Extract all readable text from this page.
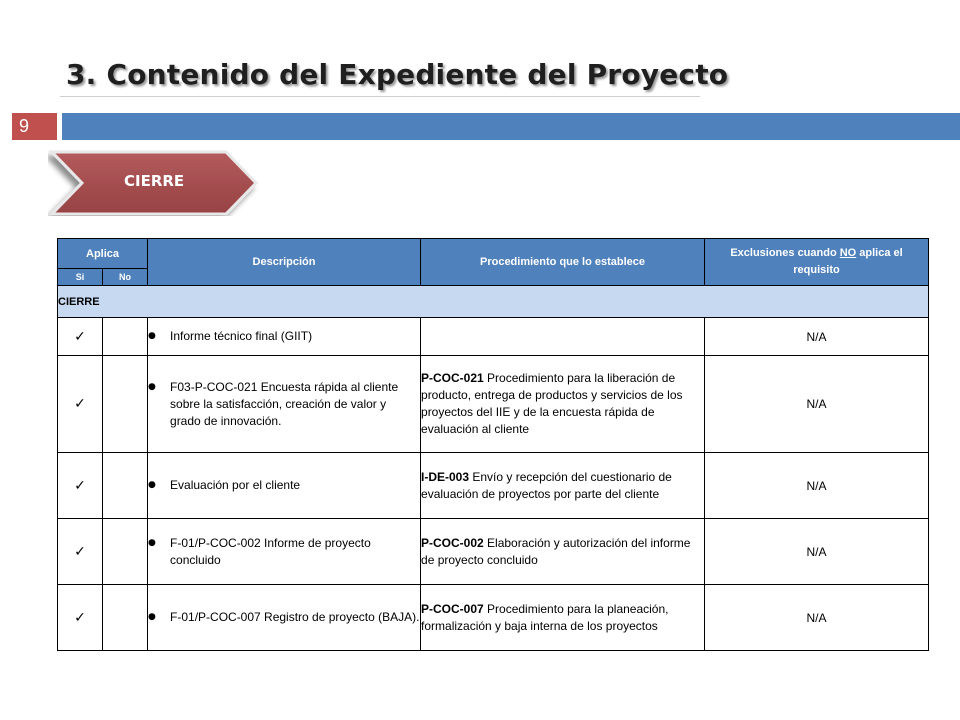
3. Contenido del Expediente del Proyecto
9
CIERRE
Aplica		Descripción	Procedimiento que lo establece	Exclusiones cuando NO aplica el requisito
Si	No			
CIERRE				
✓		● Informe técnico final (GIIT)		N/A
✓		● F03-P-COC-021 Encuesta rápida al cliente sobre la satisfacción, creación de valor y grado de innovación.	P-COC-021 Procedimiento para la liberación de producto, entrega de productos y servicios de los proyectos del IIE y de la encuesta rápida de evaluación al cliente	N/A
✓		● Evaluación por el cliente	I-DE-003 Envío y recepción del cuestionario de evaluación de proyectos por parte del cliente	N/A
✓		● F-01/P-COC-002 Informe de proyecto concluido	P-COC-002 Elaboración y autorización del informe de proyecto concluido	N/A
✓		● F-01/P-COC-007 Registro de proyecto (BAJA).	P-COC-007 Procedimiento para la planeación, formalización y baja interna de los proyectos	N/A
